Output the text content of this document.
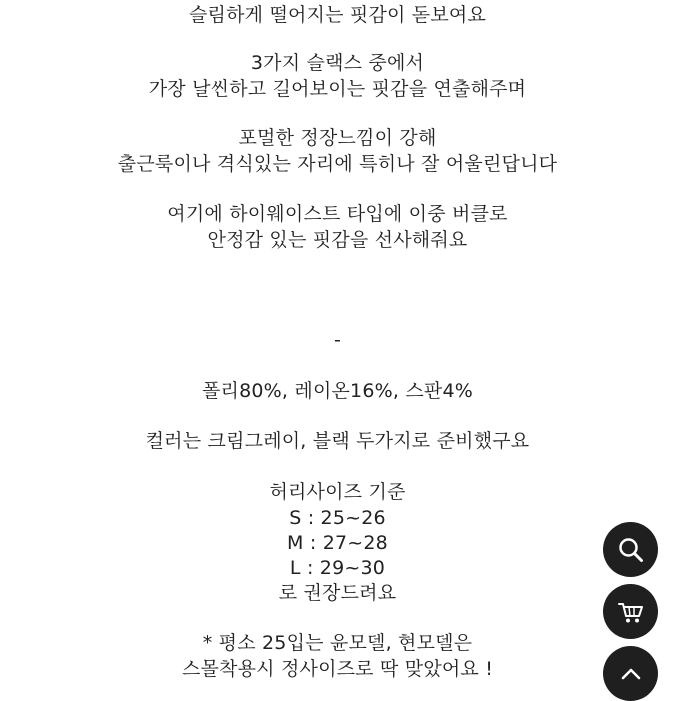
슬림하게 떨어지는 핏감이 돋보여요
3가지 슬랙스 중에서
가장 날씬하고 길어보이는 핏감을 연출해주며
포멀한 정장느낌이 강해
출근룩이나 격식있는 자리에 특히나 잘 어울린답니다
여기에 하이웨이스트 타입에 이중 버클로
안정감 있는 핏감을 선사해줘요
-
폴리80%, 레이온16%, 스판4%
컬러는 크림그레이, 블랙 두가지로 준비했구요
허리사이즈 기준
S : 25~26
M : 27~28
L : 29~30
로 권장드려요
* 평소 25입는 윤모델, 현모델은
스몰착용시 정사이즈로 딱 맞았어요 !
